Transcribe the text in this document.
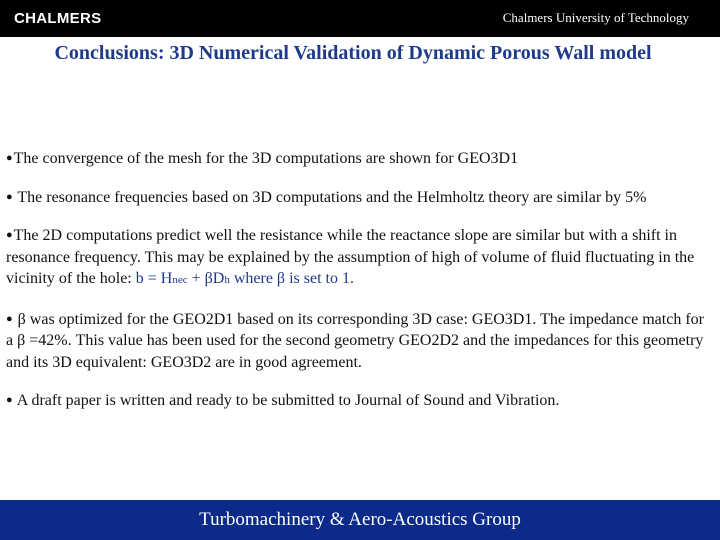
CHALMERS	Chalmers University of Technology
Conclusions: 3D Numerical Validation of Dynamic Porous Wall model

●The convergence of the mesh for the 3D computations are shown for GEO3D1

● The resonance frequencies based on 3D computations and the Helmholtz theory are similar by 5%

●The 2D computations predict well the resistance while the reactance slope are similar but with a shift in resonance frequency. This may be explained by the assumption of high of volume of fluid fluctuating in the vicinity of the hole: b = Hnec + βDh where β is set to 1.

● β was optimized for the GEO2D1 based on its corresponding 3D case: GEO3D1. The impedance match for a β =42%. This value has been used for the second geometry GEO2D2 and the impedances for this geometry and its 3D equivalent: GEO3D2 are in good agreement.

● A draft paper is written and ready to be submitted to Journal of Sound and Vibration.

Turbomachinery & Aero-Acoustics Group
